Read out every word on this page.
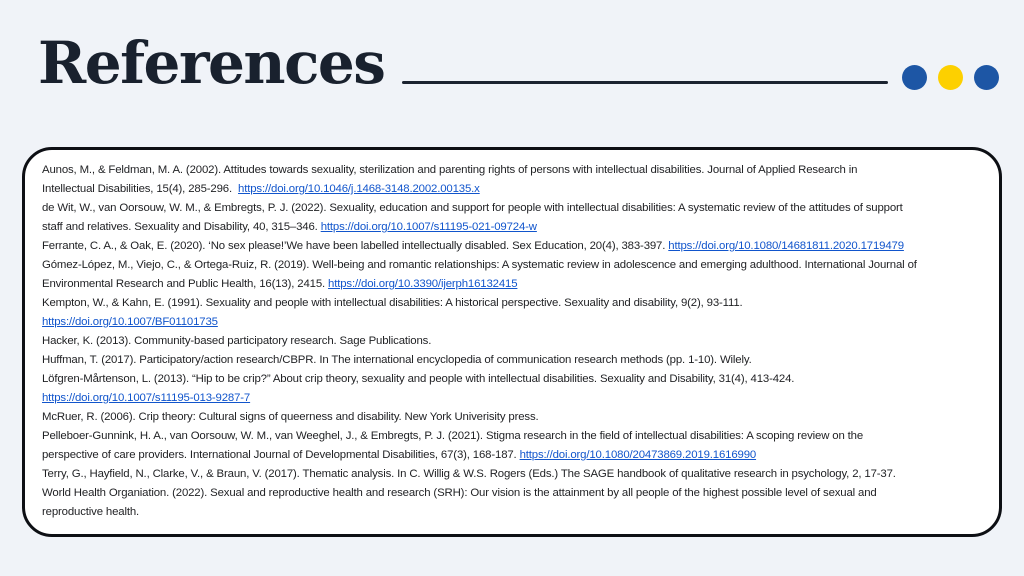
References
Aunos, M., & Feldman, M. A. (2002). Attitudes towards sexuality, sterilization and parenting rights of persons with intellectual disabilities. Journal of Applied Research in
Intellectual Disabilities, 15(4), 285-296.  https://doi.org/10.1046/j.1468-3148.2002.00135.x
de Wit, W., van Oorsouw, W. M., & Embregts, P. J. (2022). Sexuality, education and support for people with intellectual disabilities: A systematic review of the attitudes of support
staff and relatives. Sexuality and Disability, 40, 315–346. https://doi.org/10.1007/s11195-021-09724-w
Ferrante, C. A., & Oak, E. (2020). ‘No sex please!’We have been labelled intellectually disabled. Sex Education, 20(4), 383-397. https://doi.org/10.1080/14681811.2020.1719479
Gómez-López, M., Viejo, C., & Ortega-Ruiz, R. (2019). Well-being and romantic relationships: A systematic review in adolescence and emerging adulthood. International Journal of
Environmental Research and Public Health, 16(13), 2415. https://doi.org/10.3390/ijerph16132415
Kempton, W., & Kahn, E. (1991). Sexuality and people with intellectual disabilities: A historical perspective. Sexuality and disability, 9(2), 93-111.
https://doi.org/10.1007/BF01101735
Hacker, K. (2013). Community-based participatory research. Sage Publications.
Huffman, T. (2017). Participatory/action research/CBPR. In The international encyclopedia of communication research methods (pp. 1-10). Wilely.
Löfgren-Mårtenson, L. (2013). “Hip to be crip?” About crip theory, sexuality and people with intellectual disabilities. Sexuality and Disability, 31(4), 413-424.
https://doi.org/10.1007/s11195-013-9287-7
McRuer, R. (2006). Crip theory: Cultural signs of queerness and disability. New York Univerisity press.
Pelleboer-Gunnink, H. A., van Oorsouw, W. M., van Weeghel, J., & Embregts, P. J. (2021). Stigma research in the field of intellectual disabilities: A scoping review on the
perspective of care providers. International Journal of Developmental Disabilities, 67(3), 168-187. https://doi.org/10.1080/20473869.2019.1616990
Terry, G., Hayfield, N., Clarke, V., & Braun, V. (2017). Thematic analysis. In C. Willig & W.S. Rogers (Eds.) The SAGE handbook of qualitative research in psychology, 2, 17-37.
World Health Organiation. (2022). Sexual and reproductive health and research (SRH): Our vision is the attainment by all people of the highest possible level of sexual and
reproductive health.
